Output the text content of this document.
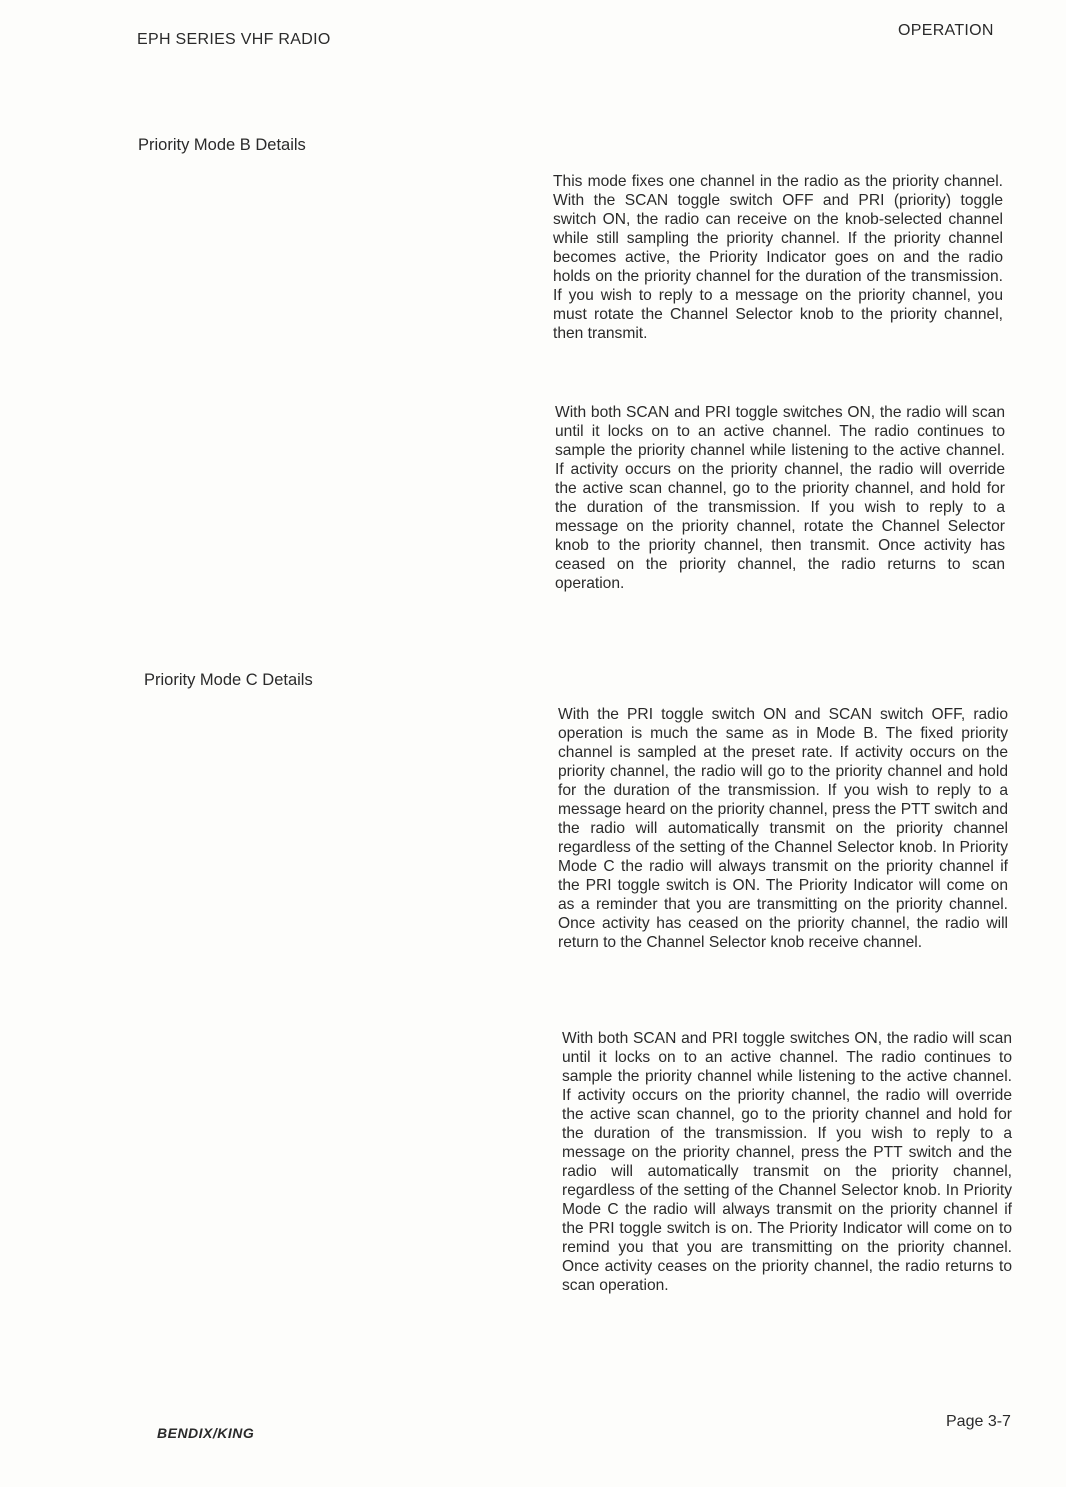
EPH SERIES VHF RADIO
OPERATION
Priority Mode B Details

This mode fixes one channel in the radio as the priority channel. With the SCAN toggle switch OFF and PRI (priority) toggle switch ON, the radio can receive on the knob-selected channel while still sampling the priority channel. If the priority channel becomes active, the Priority Indicator goes on and the radio holds on the priority channel for the duration of the transmission. If you wish to reply to a message on the priority channel, you must rotate the Channel Selector knob to the priority channel, then transmit.

With both SCAN and PRI toggle switches ON, the radio will scan until it locks on to an active channel. The radio continues to sample the priority channel while listening to the active channel. If activity occurs on the priority channel, the radio will override the active scan channel, go to the priority channel, and hold for the duration of the transmission. If you wish to reply to a message on the priority channel, rotate the Channel Selector knob to the priority channel, then transmit. Once activity has ceased on the priority channel, the radio returns to scan operation.

Priority Mode C Details

With the PRI toggle switch ON and SCAN switch OFF, radio operation is much the same as in Mode B. The fixed priority channel is sampled at the preset rate. If activity occurs on the priority channel, the radio will go to the priority channel and hold for the duration of the transmission. If you wish to reply to a message heard on the priority channel, press the PTT switch and the radio will automatically transmit on the priority channel regardless of the setting of the Channel Selector knob. In Priority Mode C the radio will always transmit on the priority channel if the PRI toggle switch is ON. The Priority Indicator will come on as a reminder that you are transmitting on the priority channel. Once activity has ceased on the priority channel, the radio will return to the Channel Selector knob receive channel.

With both SCAN and PRI toggle switches ON, the radio will scan until it locks on to an active channel. The radio continues to sample the priority channel while listening to the active channel. If activity occurs on the priority channel, the radio will override the active scan channel, go to the priority channel and hold for the duration of the transmission. If you wish to reply to a message on the priority channel, press the PTT switch and the radio will automatically transmit on the priority channel, regardless of the setting of the Channel Selector knob. In Priority Mode C the radio will always transmit on the priority channel if the PRI toggle switch is on. The Priority Indicator will come on to remind you that you are transmitting on the priority channel. Once activity ceases on the priority channel, the radio returns to scan operation.

BENDIX/KING
Page 3-7
